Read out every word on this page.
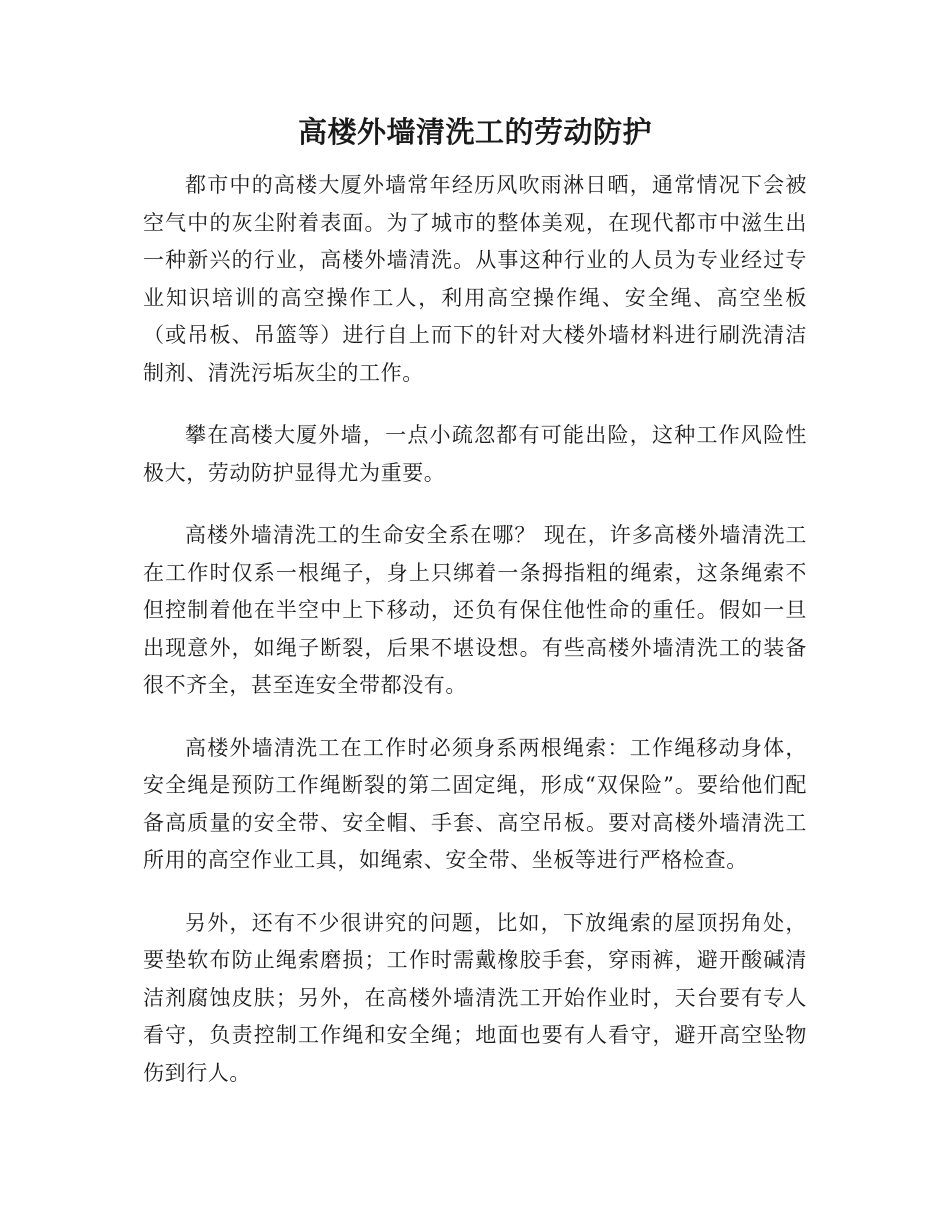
高楼外墙清洗工的劳动防护

都市中的高楼大厦外墙常年经历风吹雨淋日晒，通常情况下会被空气中的灰尘附着表面。为了城市的整体美观，在现代都市中滋生出一种新兴的行业，高楼外墙清洗。从事这种行业的人员为专业经过专业知识培训的高空操作工人，利用高空操作绳、安全绳、高空坐板（或吊板、吊篮等）进行自上而下的针对大楼外墙材料进行刷洗清洁制剂、清洗污垢灰尘的工作。

攀在高楼大厦外墙，一点小疏忽都有可能出险，这种工作风险性极大，劳动防护显得尤为重要。

高楼外墙清洗工的生命安全系在哪？ 现在，许多高楼外墙清洗工在工作时仅系一根绳子，身上只绑着一条拇指粗的绳索，这条绳索不但控制着他在半空中上下移动，还负有保住他性命的重任。假如一旦出现意外，如绳子断裂，后果不堪设想。有些高楼外墙清洗工的装备很不齐全，甚至连安全带都没有。

高楼外墙清洗工在工作时必须身系两根绳索：工作绳移动身体，安全绳是预防工作绳断裂的第二固定绳，形成“双保险”。要给他们配备高质量的安全带、安全帽、手套、高空吊板。要对高楼外墙清洗工所用的高空作业工具，如绳索、安全带、坐板等进行严格检查。

另外，还有不少很讲究的问题，比如，下放绳索的屋顶拐角处，要垫软布防止绳索磨损；工作时需戴橡胶手套，穿雨裤，避开酸碱清洁剂腐蚀皮肤；另外，在高楼外墙清洗工开始作业时，天台要有专人看守，负责控制工作绳和安全绳；地面也要有人看守，避开高空坠物伤到行人。
